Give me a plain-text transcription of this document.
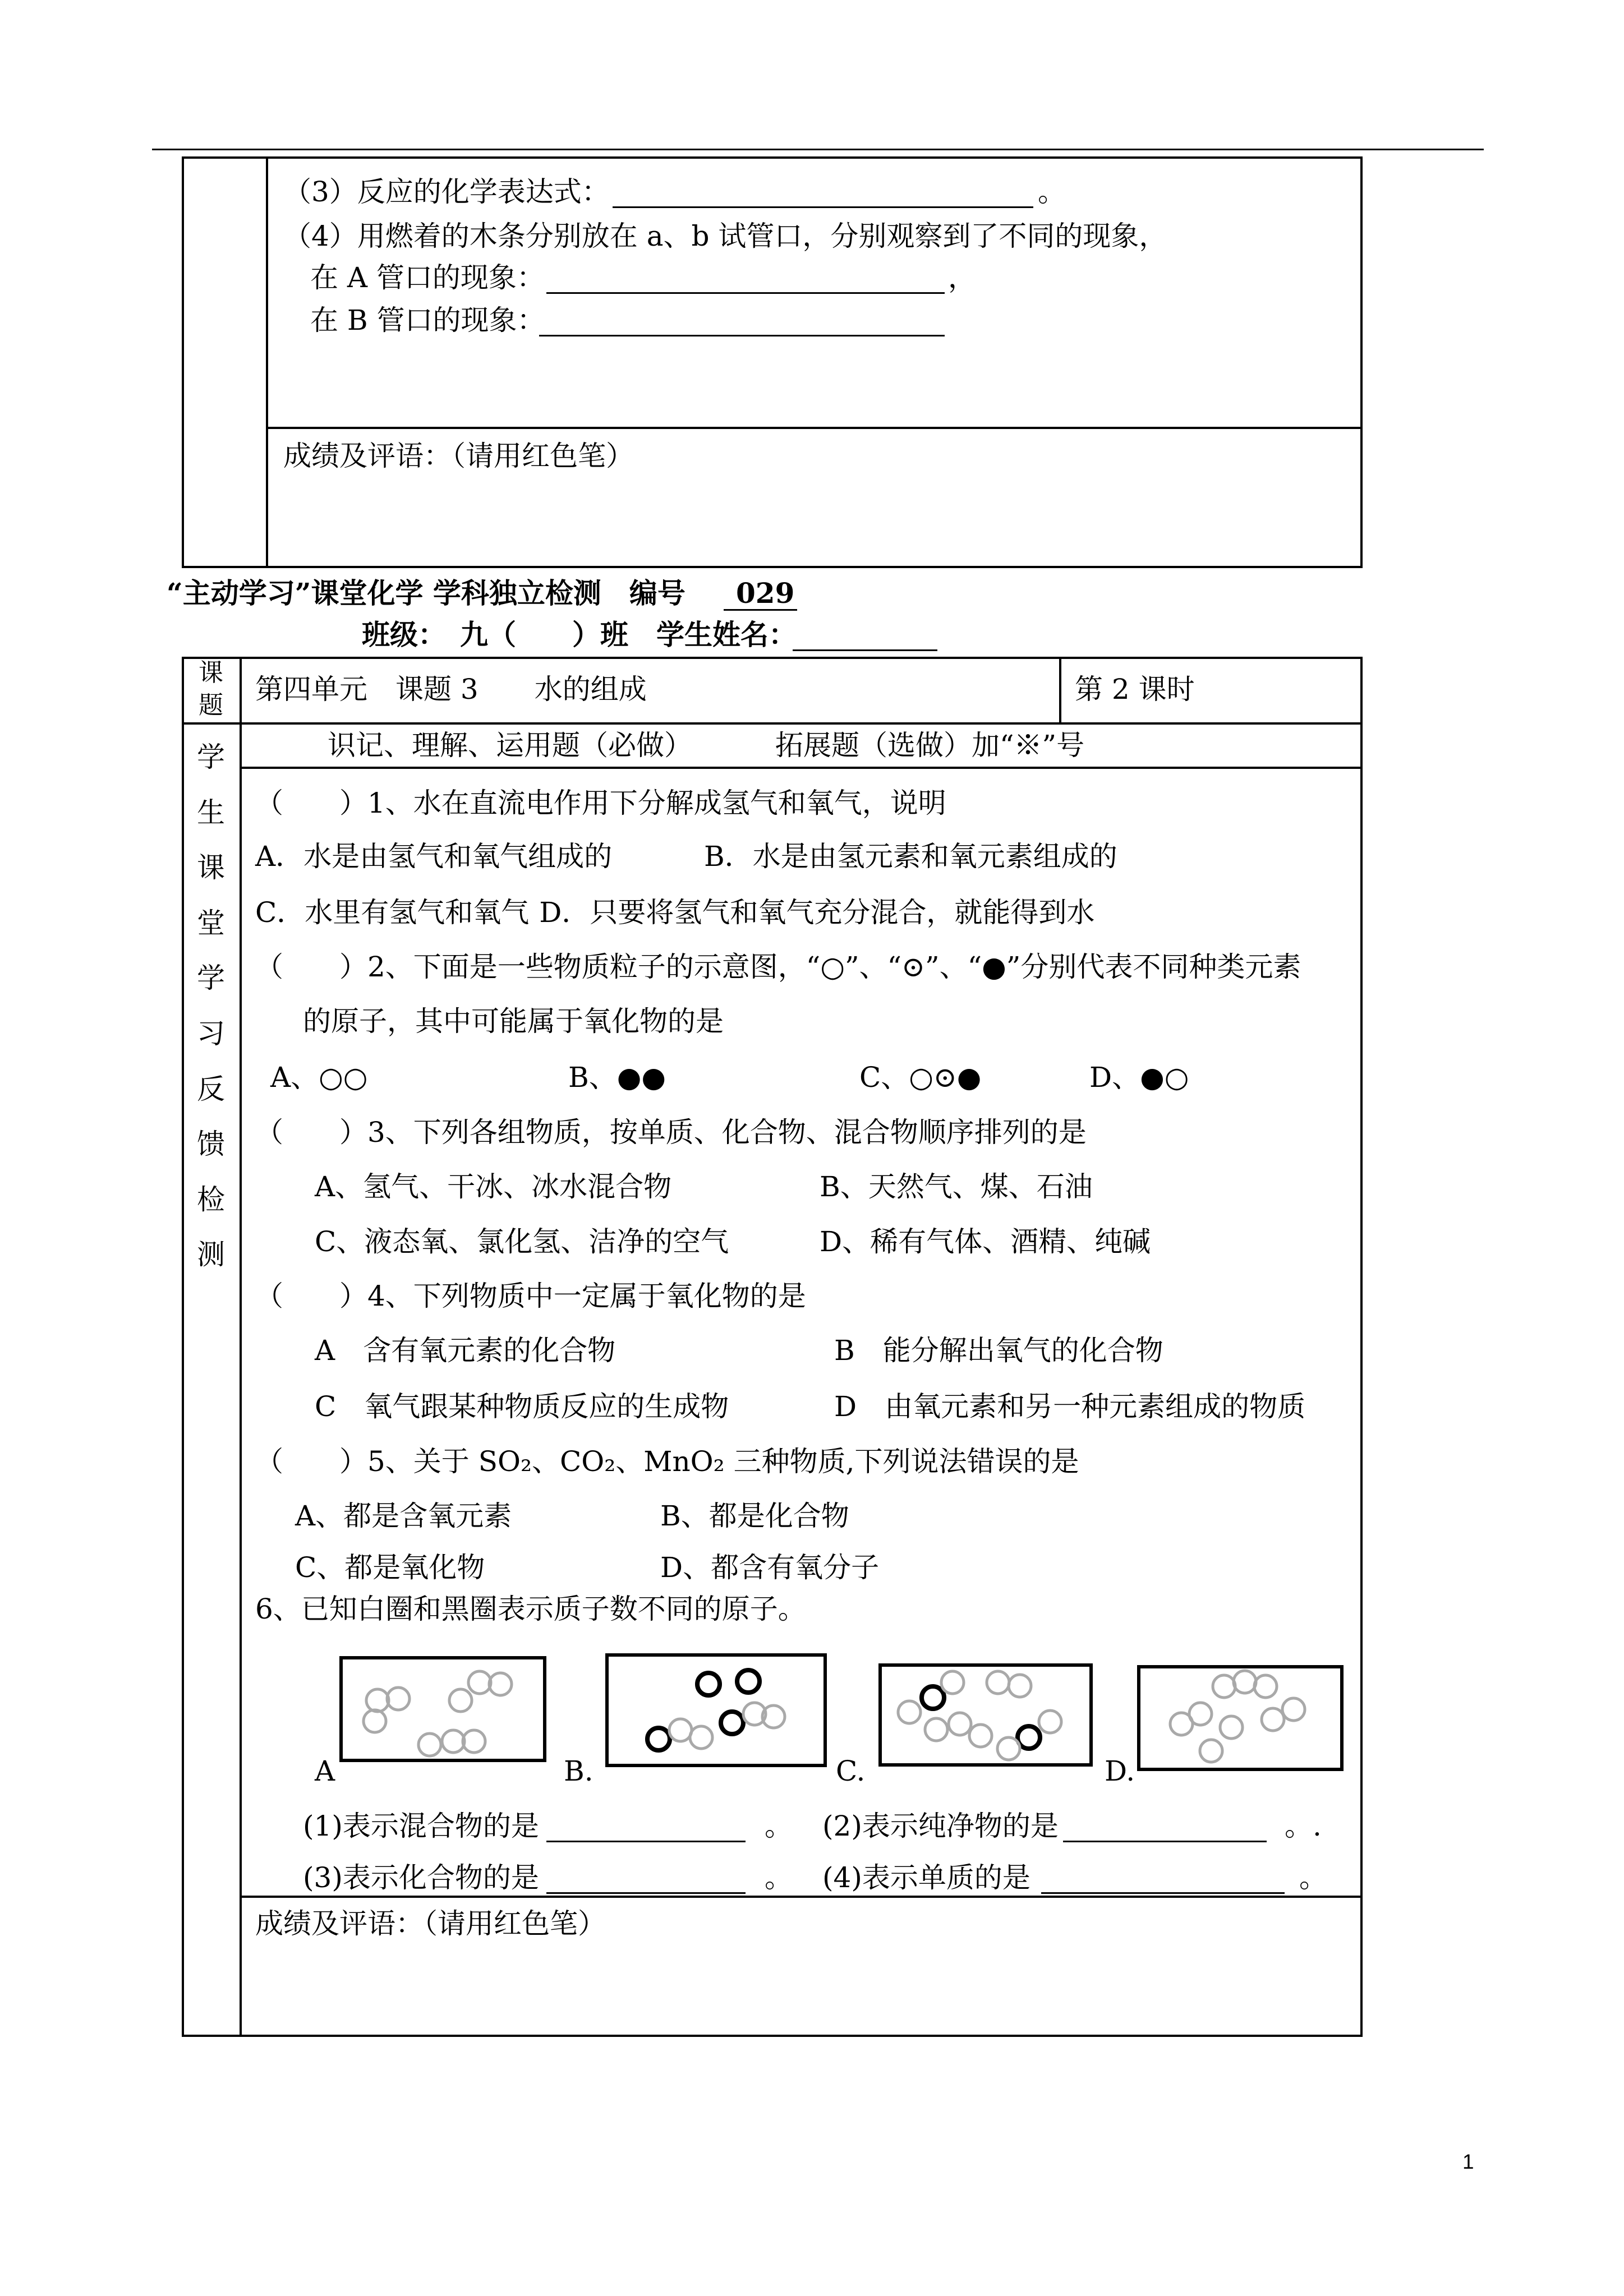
（3）反应的化学表达式：	。
（4）用燃着的木条分别放在 a、b 试管口，分别观察到了不同的现象，
在 A 管口的现象：	，
在 B 管口的现象：
成绩及评语：（请用红色笔）
“主动学习”课堂化学 学科独立检测　编号	029
班级：　九（　　）班　学生姓名：
课
题 第四单元　课题 3　　水的组成	第 2 课时
识记、理解、运用题（必做）	拓展题（选做）加“※”号
学
生
课
堂
学
习
反
馈
检
测
（　　）1、水在直流电作用下分解成氢气和氧气，说明
A．水是由氢气和氧气组成的	B．水是由氢元素和氧元素组成的
C．水里有氢气和氧气 D．只要将氢气和氧气充分混合，就能得到水
（　　）2、下面是一些物质粒子的示意图，“○”、“⊙”、“●”分别代表不同种类元素
的原子，其中可能属于氧化物的是
A、○○	B、●●	C、○⊙●	D、●○
（　　）3、下列各组物质，按单质、化合物、混合物顺序排列的是
A、氢气、干冰、冰水混合物	B、天然气、煤、石油
C、液态氧、氯化氢、洁净的空气	D、稀有气体、酒精、纯碱
（　　）4、下列物质中一定属于氧化物的是
A　含有氧元素的化合物	B　能分解出氧气的化合物
C　氧气跟某种物质反应的生成物	D　由氧元素和另一种元素组成的物质
（　　）5、关于 SO₂、CO₂、MnO₂ 三种物质,下列说法错误的是
A、都是含氧元素	B、都是化合物
C、都是氧化物	D、都含有氧分子
6、已知白圈和黑圈表示质子数不同的原子。
A	B.	C.	D.
(1)表示混合物的是	。 (2)表示纯净物的是	。.
(3)表示化合物的是	。 (4)表示单质的是	。
成绩及评语：（请用红色笔）
1
